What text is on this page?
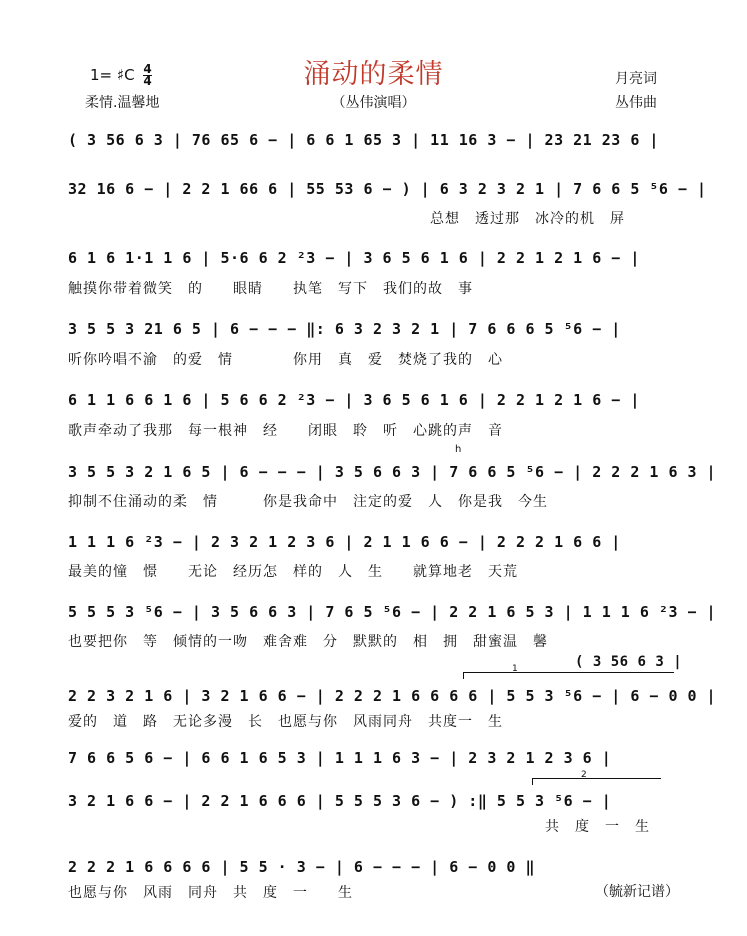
涌动的柔情
1= ♯C $\frac{4}{4}$
柔情.温馨地	（丛伟演唱）
月亮词
丛伟曲
( 3 56 6 3 | 76 65 6 − | 6 6 1 65 3 | 11 16 3 − | 23 21 23 6 |
32 16 6 − | 2 2 1 66 6 | 55 53 6 − ) | 6 3 2 3 2 1 | 7 6 6 5 ⁵6 − |
总想　透过那　冰冷的机　屏
6 1 6 1·1 1 6 | 5·6 6 2 ²3 − | 3 6 5 6 1 6 | 2 2 1 2 1 6 − |
触摸你带着微笑　的　　眼睛　　执笔　写下　我们的故　事
3 5 5 3 21 6 5 | 6 − − − ‖: 6 3 2 3 2 1 | 7 6 6 6 5 ⁵6 − |
听你吟唱不渝　的爱　情　　　　你用　真　爱　焚烧了我的　心
6 1 1 6 6 1 6 | 5 6 6 2 ²3 − | 3 6 5 6 1 6 | 2 2 1 2 1 6 − |
歌声牵动了我那　每一根神　经　　闭眼　聆　听　心跳的声　音
h
3 5 5 3 2 1 6 5 | 6 − − − | 3 5 6 6 3 | 7 6 6 5 ⁵6 − | 2 2 2 1 6 3 |
抑制不住涌动的柔　情　　　你是我命中　注定的爱　人　你是我　今生
1 1 1 6 ²3 − | 2 3 2 1 2 3 6 | 2 1 1 6 6 − | 2 2 2 1 6 6 |
最美的憧　憬　　无论　经历怎　样的　人　生　　就算地老　天荒
5 5 5 3 ⁵6 − | 3 5 6 6 3 | 7 6 5 ⁵6 − | 2 2 1 6 5 3 | 1 1 1 6 ²3 − |
也要把你　等　倾情的一吻　难舍难　分　默默的　相　拥　甜蜜温　馨
1	( 3 56 6 3 |
2 2 3 2 1 6 | 3 2 1 6 6 − | 2 2 2 1 6 6 6 6 | 5 5 3 ⁵6 − | 6 − 0 0 |
爱的　道　路　无论多漫　长　也愿与你　风雨同舟　共度一　生
7 6 6 5 6 − | 6 6 1 6 5 3 | 1 1 1 6 3 − | 2 3 2 1 2 3 6 |
2
3 2 1 6 6 − | 2 2 1 6 6 6 | 5 5 5 3 6 − ) :‖ 5 5 3 ⁵6 − |
共　度　一　生
2 2 2 1 6 6 6 6 | 5 5 · 3 − | 6 − − − | 6 − 0 0 ‖
也愿与你　风雨　同舟　共　度　一　　生	（毓新记谱）
